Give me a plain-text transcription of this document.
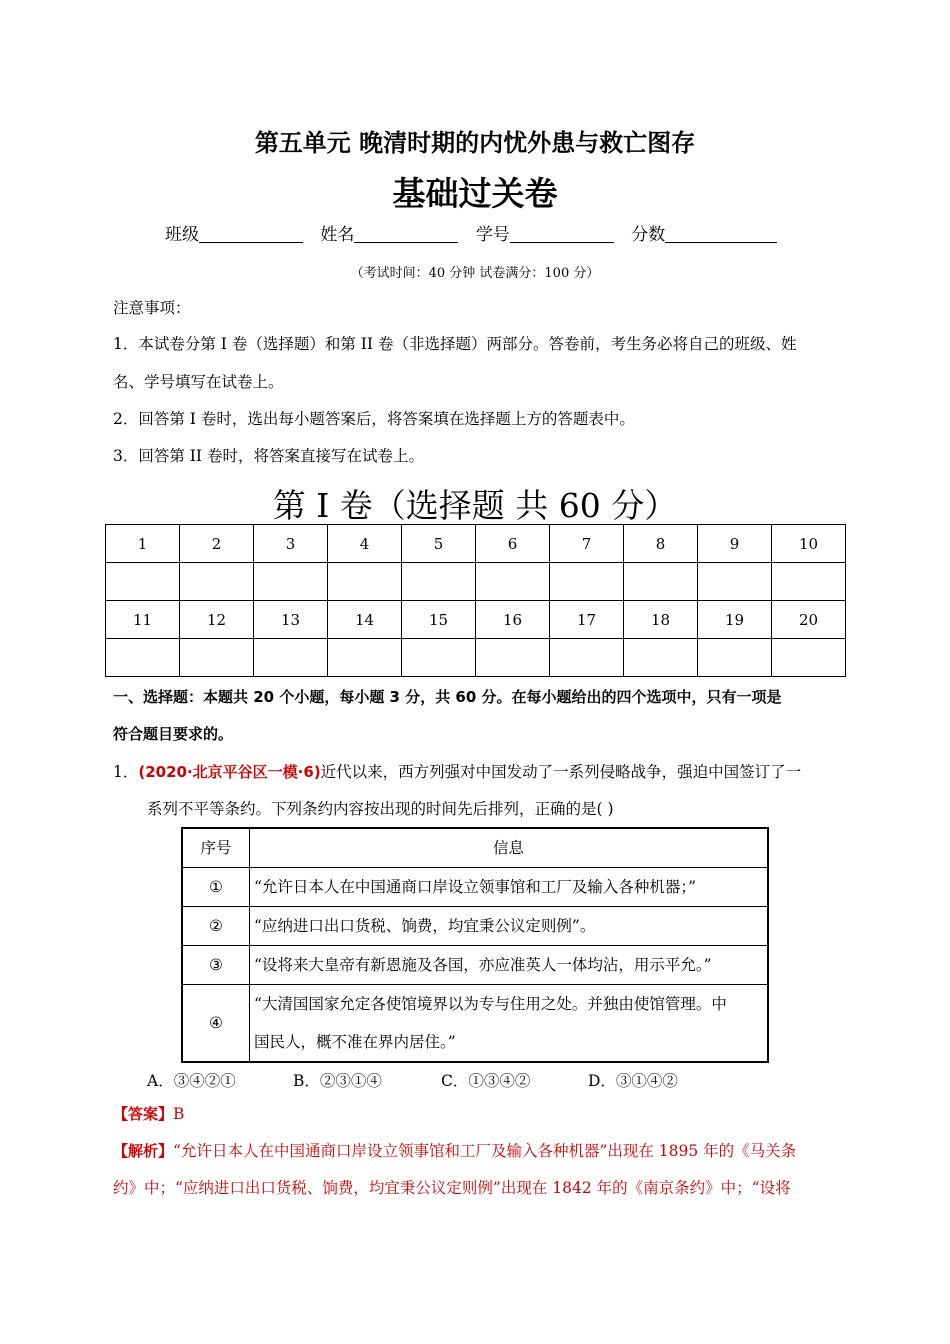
第五单元 晚清时期的内忧外患与救亡图存
基础过关卷
班级	姓名	学号	分数
（考试时间：40 分钟 试卷满分：100 分）
注意事项：
1．本试卷分第 I 卷（选择题）和第 II 卷（非选择题）两部分。答卷前，考生务必将自己的班级、姓
名、学号填写在试卷上。
2．回答第 I 卷时，选出每小题答案后，将答案填在选择题上方的答题表中。
3．回答第 II 卷时，将答案直接写在试卷上。
第 I 卷（选择题 共 60 分）
1	2	3	4	5	6	7	8	9	10

11	12	13	14	15	16	17	18	19	20

一、选择题：本题共 20 个小题，每小题 3 分，共 60 分。在每小题给出的四个选项中，只有一项是
符合题目要求的。
1．(2020·北京平谷区一模·6)近代以来，西方列强对中国发动了一系列侵略战争，强迫中国签订了一
系列不平等条约。下列条约内容按出现的时间先后排列，正确的是( )
序号	信息
①	“允许日本人在中国通商口岸设立领事馆和工厂及输入各种机器；”
②	“应纳进口出口货税、饷费，均宜秉公议定则例”。
③	“设将来大皇帝有新恩施及各国，亦应准英人一体均沾，用示平允。”
④	“大清国国家允定各使馆境界以为专与住用之处。并独由使馆管理。中
国民人，概不准在界内居住。”
A．③④②①	B．②③①④	C．①③④②	D．③①④②
【答案】B
【解析】“允许日本人在中国通商口岸设立领事馆和工厂及输入各种机器”出现在 1895 年的《马关条
约》中；“应纳进口出口货税、饷费，均宜秉公议定则例”出现在 1842 年的《南京条约》中；“设将
